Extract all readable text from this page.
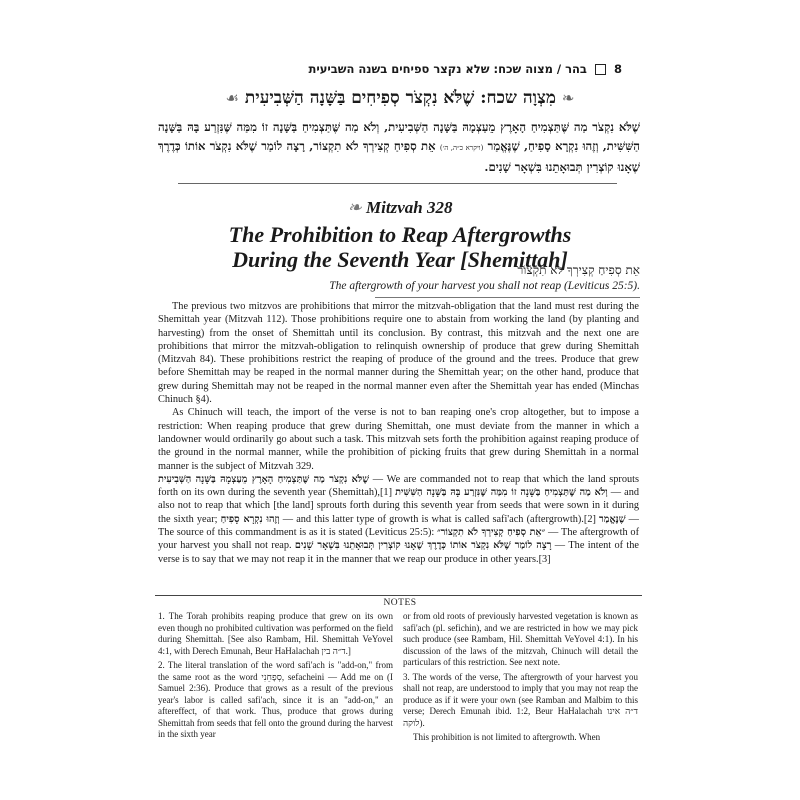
8  בהר / מצוה שכח: שלא נקצר ספיחים בשנה השביעית
❧ מִצְוָה שכח: שֶׁלֹּא נִקְצֹר סְפִיחִים בַּשָּׁנָה הַשְּׁבִיעִית ☙
שֶׁלֹּא נִקְצֹר מַה שֶּׁתַּצְמִיחַ הָאָרֶץ מֵעַצְמָהּ בַּשָּׁנָה הַשְּׁבִיעִית, וְלֹא מַה שֶּׁתַּצְמִיחַ בַּשָּׁנָה זוֹ מִמַּה שֶּׁנִּזְרַע בָּהּ בַּשָּׁנָה הַשִּׁשִּׁית, וְזֶהוּ נִקְרָא סָפִיחַ, שֶׁנֶּאֱמַר (ויקרא כ״ה, ה׳) אֵת סְפִיחַ קְצִירְךָ לֹא תִקְצוֹר, רָצָה לוֹמַר שֶׁלֹּא נִקְצֹר אוֹתוֹ כְּדֶרֶךְ שֶׁאָנוּ קוֹצְרִין תְּבוּאָתֵנוּ בִּשְׁאָר שָׁנִים.
❧ Mitzvah 328
The Prohibition to Reap Aftergrowths
During the Seventh Year [Shemittah]
אֵת סְפִיחַ קְצִירְךָ לֹא תִקְצוֹר
The aftergrowth of your harvest you shall not reap (Leviticus 25:5).

The previous two mitzvos are prohibitions that mirror the mitzvah-obligation that the land must rest during the Shemittah year (Mitzvah 112). Those prohibitions require one to abstain from working the land (by planting and harvesting) from the onset of Shemittah until its conclusion. By contrast, this mitzvah and the next one are prohibitions that mirror the mitzvah-obligation to relinquish ownership of produce that grew during Shemittah (Mitzvah 84). These prohibitions restrict the reaping of produce of the ground and the trees. Produce that grew before Shemittah may be reaped in the normal manner during the Shemittah year; on the other hand, produce that grew during Shemittah may not be reaped in the normal manner even after the Shemittah year has ended (Minchas Chinuch §4).

As Chinuch will teach, the import of the verse is not to ban reaping one's crop altogether, but to impose a restriction: When reaping produce that grew during Shemittah, one must deviate from the manner in which a landowner would ordinarily go about such a task. This mitzvah sets forth the prohibition against reaping produce of the ground in the normal manner, while the prohibition of picking fruits that grew during Shemittah in a normal manner is the subject of Mitzvah 329.

שֶׁלֹּא נִקְצֹר מַה שֶּׁתַּצְמִיחַ הָאָרֶץ מֵעַצְמָהּ בַּשָּׁנָה הַשְּׁבִיעִית — We are commanded not to reap that which the land sprouts forth on its own during the seventh year (Shemittah),[1] וְלֹא מַה שֶּׁתַּצְמִיחַ בַּשָּׁנָה זוֹ מִמַּה שֶּׁנִּזְרַע בָּהּ בַּשָּׁנָה הַשִּׁשִּׁית — and also not to reap that which [the land] sprouts forth during this seventh year from seeds that were sown in it during the sixth year; וְזֶהוּ נִקְרָא סָפִיחַ — and this latter type of growth is what is called safi'ach (aftergrowth).[2] שֶׁנֶּאֱמַר — The source of this commandment is as it is stated (Leviticus 25:5): ״אֵת סְפִיחַ קְצִירְךָ לֹא תִקְצוֹר״ — The aftergrowth of your harvest you shall not reap. רָצָה לוֹמַר שֶׁלֹּא נִקְצֹר אוֹתוֹ כְּדֶרֶךְ שֶׁאָנוּ קוֹצְרִין תְּבוּאָתֵנוּ בִּשְׁאָר שָׁנִים — The intent of the verse is to say that we may not reap it in the manner that we reap our produce in other years.[3]

NOTES

1. The Torah prohibits reaping produce that grew on its own even though no prohibited cultivation was performed on the field during Shemittah. [See also Rambam, Hil. Shemittah VeYovel 4:1, with Derech Emunah, Beur HaHalachah ד״ה בין.]

2. The literal translation of the word safi'ach is "add-on," from the same root as the word סְפָחֵנִי, sefacheini — Add me on (I Samuel 2:36). Produce that grows as a result of the previous year's labor is called safi'ach, since it is an "add-on," an aftereffect, of that work. Thus, produce that grows during Shemittah from seeds that fell onto the ground during the harvest in the sixth year

or from old roots of previously harvested vegetation is known as safi'ach (pl. sefichin), and we are restricted in how we may pick such produce (see Rambam, Hil. Shemittah VeYovel 4:1). In his discussion of the laws of the mitzvah, Chinuch will detail the particulars of this restriction. See next note.

3. The words of the verse, The aftergrowth of your harvest you shall not reap, are understood to imply that you may not reap the produce as if it were your own (see Ramban and Malbim to this verse; Derech Emunah ibid. 1:2, Beur HaHalachah ד״ה אינו לוקה).

This prohibition is not limited to aftergrowth. When
